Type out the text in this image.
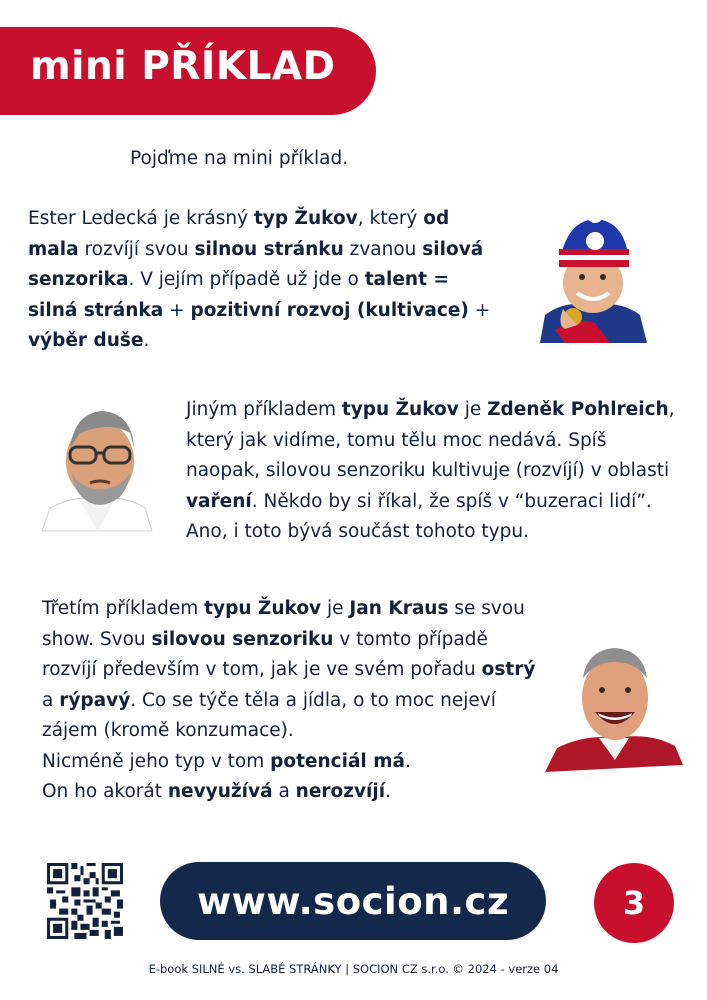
mini PŘÍKLAD

Pojďme na mini příklad.

Ester Ledecká je krásný typ Žukov, který od mala rozvíjí svou silnou stránku zvanou silová senzorika. V jejím případě už jde o talent = silná stránka + pozitivní rozvoj (kultivace) + výběr duše.

Jiným příkladem typu Žukov je Zdeněk Pohlreich, který jak vidíme, tomu tělu moc nedává. Spíš naopak, silovou senzoriku kultivuje (rozvíjí) v oblasti vaření. Někdo by si říkal, že spíš v “buzeraci lidí”. Ano, i toto bývá součást tohoto typu.

Třetím příkladem typu Žukov je Jan Kraus se svou show. Svou silovou senzoriku v tomto případě rozvíjí především v tom, jak je ve svém pořadu ostrý a rýpavý. Co se týče těla a jídla, o to moc nejeví zájem (kromě konzumace).
Nicméně jeho typ v tom potenciál má.
On ho akorát nevyužívá a nerozvíjí.

www.socion.cz	3
E-book SILNÉ vs. SLABÉ STRÁNKY | SOCION CZ s.r.o. © 2024 - verze 04
